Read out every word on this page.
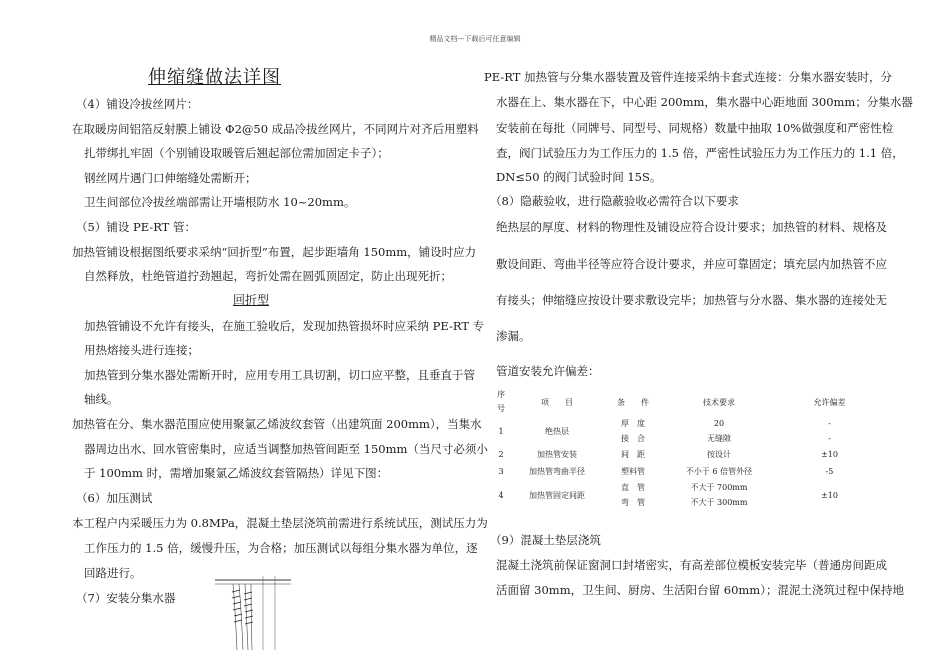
精品文档---下载后可任意编辑
伸缩缝做法详图
（4）铺设冷拔丝网片：
在取暖房间铝箔反射膜上铺设 Φ2@50 成品冷拔丝网片，不同网片对齐后用塑料
扎带绑扎牢固（个别铺设取暖管后翘起部位需加固定卡子）；
钢丝网片遇门口伸缩缝处需断开；
卫生间部位冷拔丝端部需让开墙根防水 10~20mm。
（5）铺设 PE-RT 管：
加热管铺设根据图纸要求采纳“回折型”布置，起步距墙角 150mm，铺设时应力
自然释放，杜绝管道拧劲翘起，弯折处需在圆弧顶固定，防止出现死折；
回折型
加热管铺设不允许有接头，在施工验收后，发现加热管损坏时应采纳 PE-RT 专
用热熔接头进行连接；
加热管到分集水器处需断开时，应用专用工具切割，切口应平整，且垂直于管
轴线。
加热管在分、集水器范围应使用聚氯乙烯波纹套管（出建筑面 200mm），当集水
器周边出水、回水管密集时，应适当调整加热管间距至 150mm（当尺寸必须小
于 100mm 时，需增加聚氯乙烯波纹套管隔热）详见下图：
（6）加压测试
本工程户内采暖压力为 0.8MPa，混凝土垫层浇筑前需进行系统试压，测试压力为
工作压力的 1.5 倍，缓慢升压，为合格；加压测试以每组分集水器为单位，逐
回路进行。
（7）安装分集水器
PE-RT 加热管与分集水器装置及管件连接采纳卡套式连接：分集水器安装时，分
水器在上、集水器在下，中心距 200mm，集水器中心距地面 300mm；分集水器
安装前在每批（同牌号、同型号、同规格）数量中抽取 10%做强度和严密性检
查，阀门试验压力为工作压力的 1.5 倍，严密性试验压力为工作压力的 1.1 倍，
DN≤50 的阀门试验时间 15S。
（8）隐蔽验收，进行隐蔽验收必需符合以下要求
绝热层的厚度、材料的物理性及铺设应符合设计要求；加热管的材料、规格及
敷设间距、弯曲半径等应符合设计要求，并应可靠固定；填充层内加热管不应
有接头；伸缩缝应按设计要求敷设完毕；加热管与分水器、集水器的连接处无
渗漏。
管道安装允许偏差：
序号	项　　目	条　　件	技术要求	允许偏差
1	绝热层	厚　度	20	-
		接　合	无缝隙	-
2	加热管安装	间　距	按设计	±10
3	加热管弯曲半径	塑料管	不小于 6 倍管外径	-5
4	加热管固定间距	直　管	不大于 700mm	±10
		弯　管	不大于 300mm	
（9）混凝土垫层浇筑
混凝土浇筑前保证窗洞口封堵密实，有高差部位模板安装完毕（普通房间距成
活面留 30mm，卫生间、厨房、生活阳台留 60mm）；混泥土浇筑过程中保持地
